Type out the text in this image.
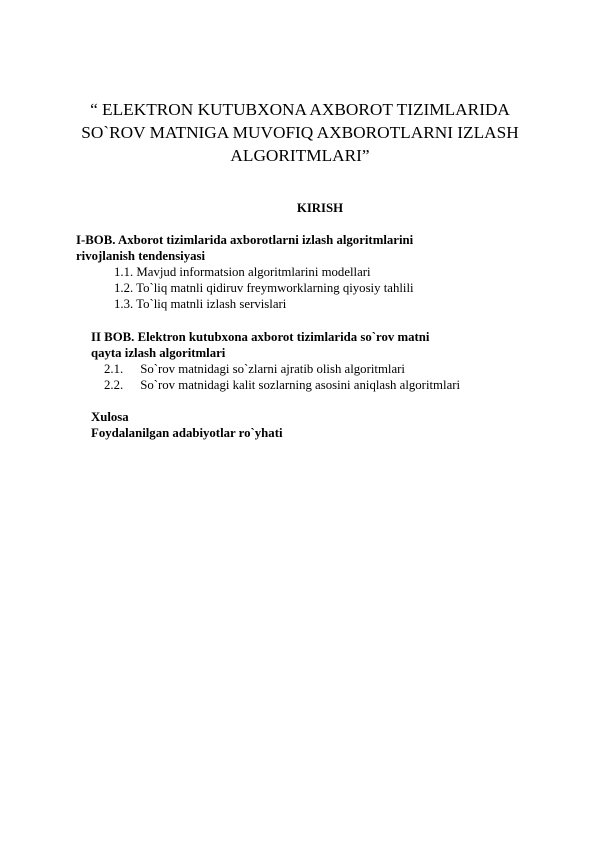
“ ELEKTRON KUTUBXONA AXBOROT TIZIMLARIDA
SO`ROV MATNIGA MUVOFIQ AXBOROTLARNI IZLASH
ALGORITMLARI”
KIRISH
I-BOB. Axborot tizimlarida axborotlarni izlash algoritmlarini
rivojlanish tendensiyasi
1.1. Mavjud informatsion algoritmlarini modellari
1.2. To`liq matnli qidiruv freymworklarning qiyosiy tahlili
1.3. To`liq matnli izlash servislari
II BOB. Elektron kutubxona axborot tizimlarida so`rov matni
qayta izlash algoritmlari
2.1. So`rov matnidagi so`zlarni ajratib olish algoritmlari
2.2. So`rov matnidagi kalit sozlarning asosini aniqlash algoritmlari
Xulosa
Foydalanilgan adabiyotlar ro`yhati
